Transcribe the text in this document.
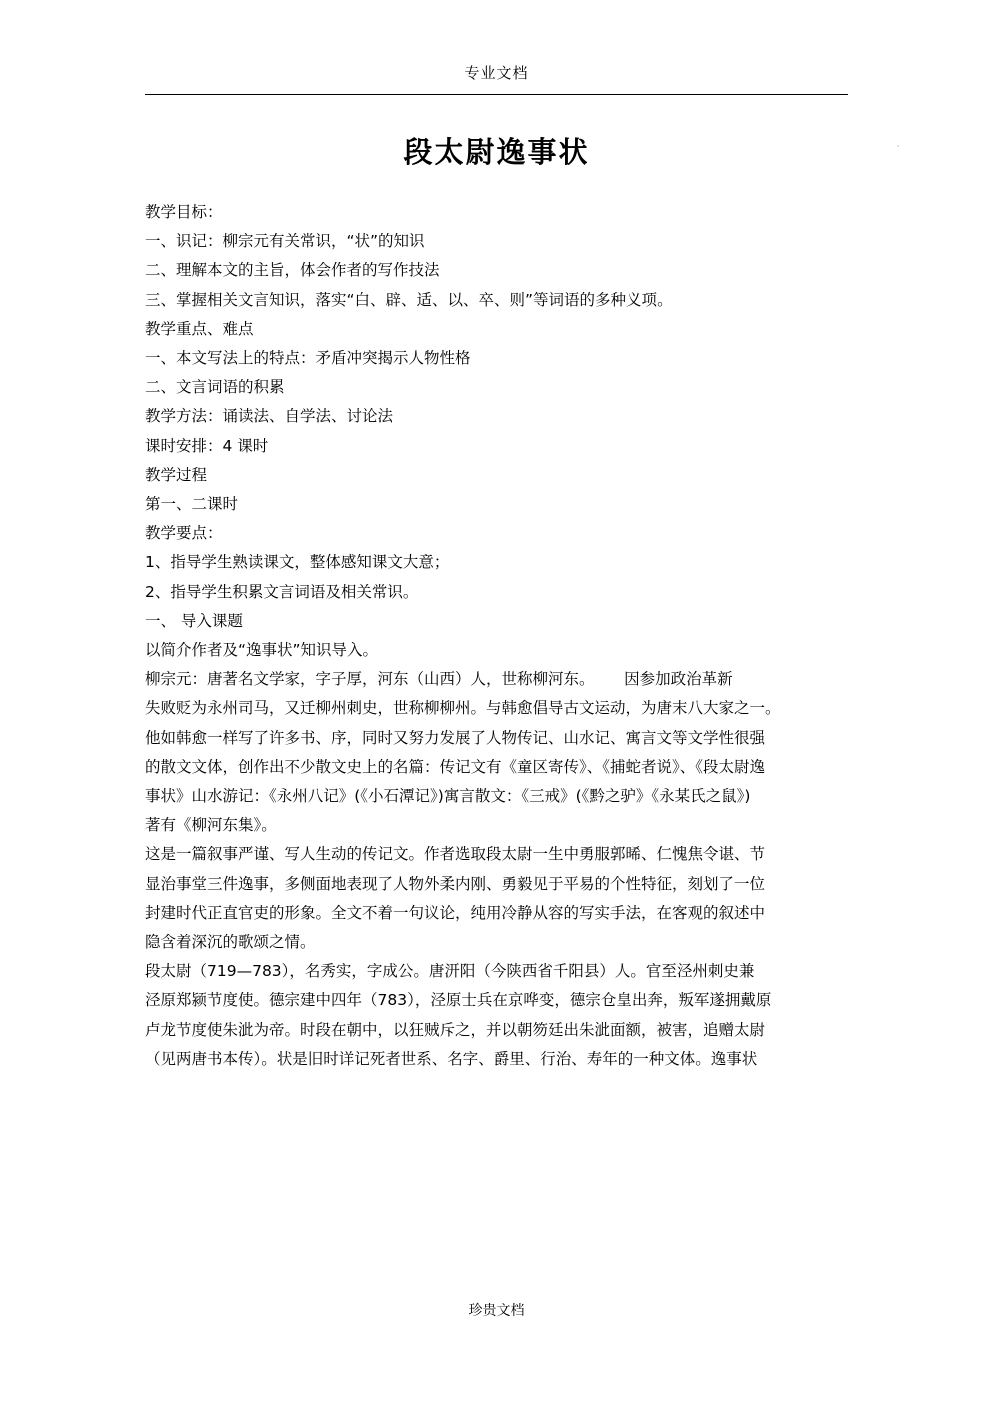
专业文档
段太尉逸事状	·

教学目标：

一、识记：柳宗元有关常识，“状”的知识

二、理解本文的主旨，体会作者的写作技法

三、掌握相关文言知识，落实“白、辟、适、以、卒、则”等词语的多种义项。

教学重点、难点

一、本文写法上的特点：矛盾冲突揭示人物性格

二、文言词语的积累

教学方法：诵读法、自学法、讨论法

课时安排：4 课时

教学过程

第一、二课时

教学要点：

1、指导学生熟读课文，整体感知课文大意；

2、指导学生积累文言词语及相关常识。

一、 导入课题

以简介作者及“逸事状”知识导入。

柳宗元：唐著名文学家，字子厚，河东（山西）人，世称柳河东。      因参加政治革新

失败贬为永州司马，又迁柳州刺史，世称柳柳州。与韩愈倡导古文运动，为唐末八大家之一。

他如韩愈一样写了许多书、序，同时又努力发展了人物传记、山水记、寓言文等文学性很强

的散文文体，创作出不少散文史上的名篇：传记文有《童区寄传》、《捕蛇者说》、《段太尉逸

事状》山水游记：《永州八记》(《小石潭记》)寓言散文：《三戒》(《黔之驴》《永某氏之鼠》)

著有《柳河东集》。

这是一篇叙事严谨、写人生动的传记文。作者选取段太尉一生中勇服郭晞、仁愧焦令谌、节

显治事堂三件逸事，多侧面地表现了人物外柔内刚、勇毅见于平易的个性特征，刻划了一位

封建时代正直官吏的形象。全文不着一句议论，纯用冷静从容的写实手法，在客观的叙述中

隐含着深沉的歌颂之情。

段太尉（719—783），名秀实，字成公。唐汧阳（今陕西省千阳县）人。官至泾州刺史兼

泾原郑颍节度使。德宗建中四年（783），泾原士兵在京哗变，德宗仓皇出奔，叛军遂拥戴原

卢龙节度使朱泚为帝。时段在朝中，以狂贼斥之，并以朝笏廷出朱泚面额，被害，追赠太尉

（见两唐书本传）。状是旧时详记死者世系、名字、爵里、行治、寿年的一种文体。逸事状

珍贵文档
